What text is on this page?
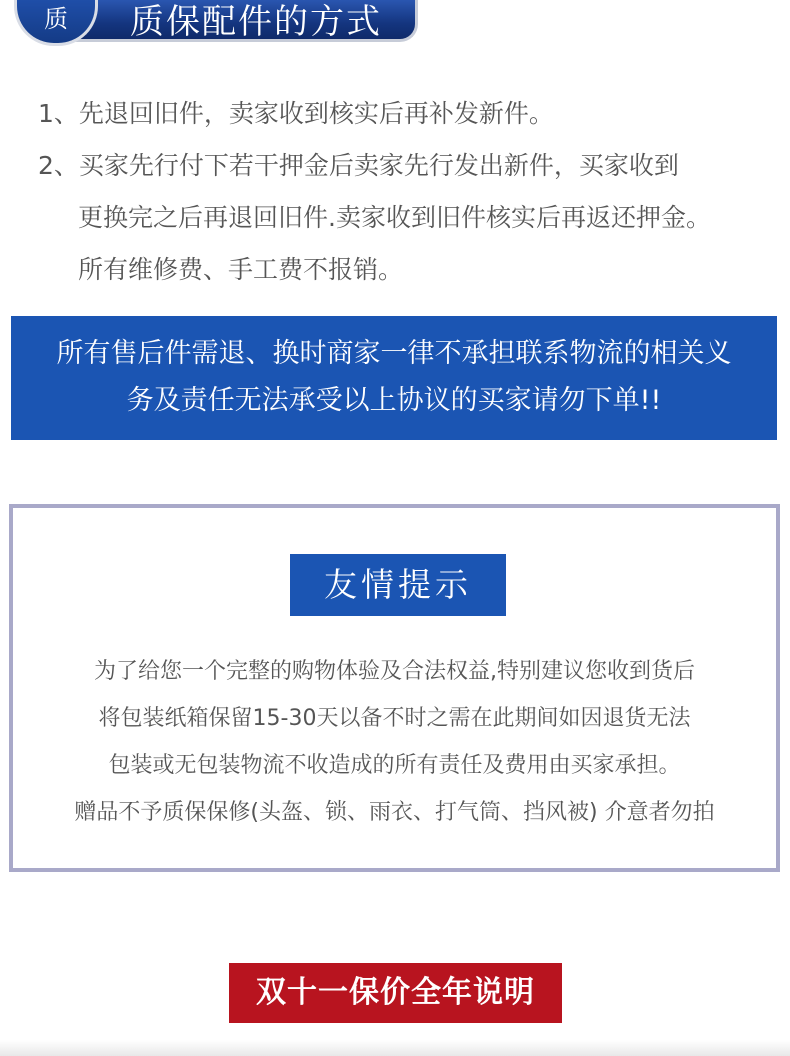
质 质保配件的方式
1、先退回旧件，卖家收到核实后再补发新件。
2、买家先行付下若干押金后卖家先行发出新件，买家收到
更换完之后再退回旧件.卖家收到旧件核实后再返还押金。
所有维修费、手工费不报销。
所有售后件需退、换时商家一律不承担联系物流的相关义
务及责任无法承受以上协议的买家请勿下单!!
友情提示
为了给您一个完整的购物体验及合法权益,特别建议您收到货后
将包装纸箱保留15-30天以备不时之需在此期间如因退货无法
包装或无包装物流不收造成的所有责任及费用由买家承担。
赠品不予质保保修(头盔、锁、雨衣、打气筒、挡风被) 介意者勿拍
双十一保价全年说明
